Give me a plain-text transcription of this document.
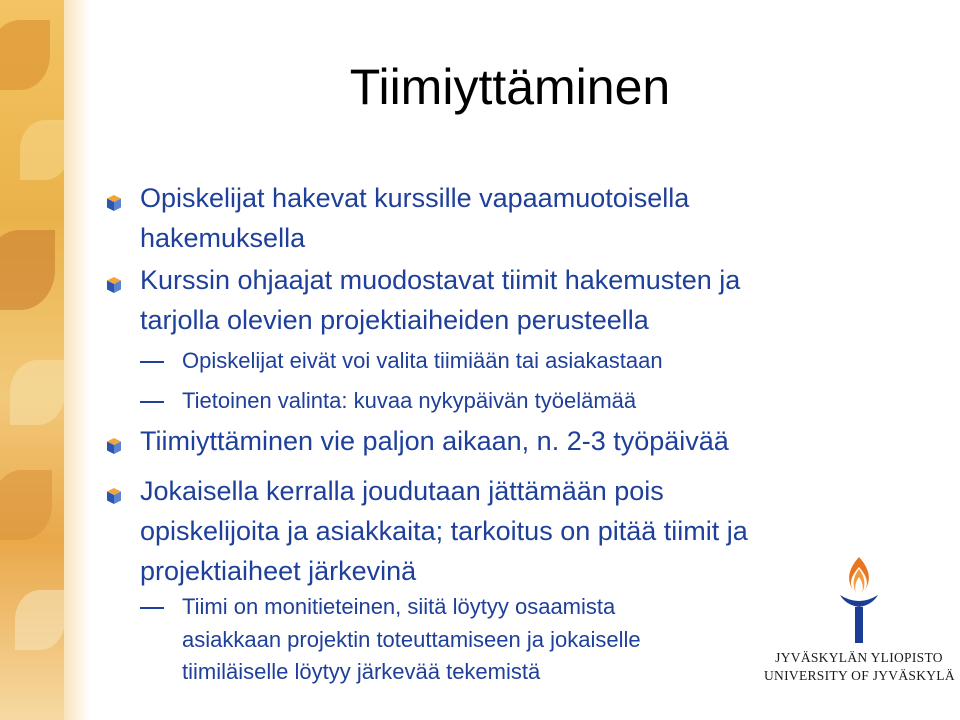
Tiimiyttäminen
Opiskelijat hakevat kurssille vapaamuotoisella
hakemuksella
Kurssin ohjaajat muodostavat tiimit hakemusten ja
tarjolla olevien projektiaiheiden perusteella
Opiskelijat eivät voi valita tiimiään tai asiakastaan
Tietoinen valinta: kuvaa nykypäivän työelämää
Tiimiyttäminen vie paljon aikaan, n. 2-3 työpäivää
Jokaisella kerralla joudutaan jättämään pois
opiskelijoita ja asiakkaita; tarkoitus on pitää tiimit ja
projektiaiheet järkevinä
Tiimi on monitieteinen, siitä löytyy osaamista
asiakkaan projektin toteuttamiseen ja jokaiselle
tiimiläiselle löytyy järkevää tekemistä
JYVÄSKYLÄN YLIOPISTO
UNIVERSITY OF JYVÄSKYLÄ
